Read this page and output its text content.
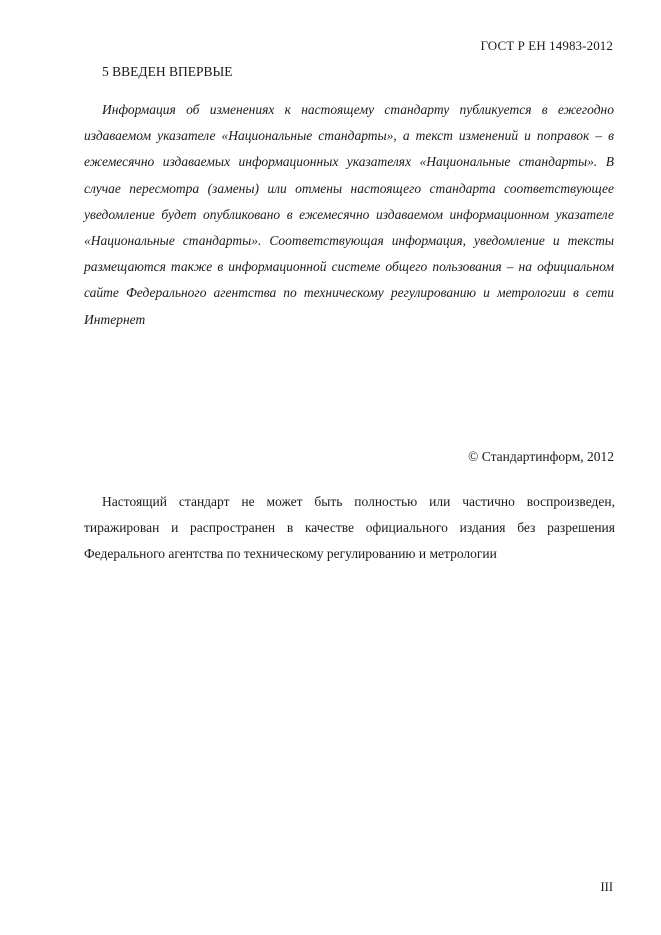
ГОСТ Р ЕН 14983-2012
5 ВВЕДЕН ВПЕРВЫЕ

Информация об изменениях к настоящему стандарту публикуется в ежегодно издаваемом указателе «Национальные стандарты», а текст изменений и поправок – в ежемесячно издаваемых информационных указателях «Национальные стандарты». В случае пересмотра (замены) или отмены настоящего стандарта соответствующее уведомление будет опубликовано в ежемесячно издаваемом информационном указателе «Национальные стандарты». Соответствующая информация, уведомление и тексты размещаются также в информационной системе общего пользования – на официальном сайте Федерального агентства по техническому регулированию и метрологии в сети Интернет

© Стандартинформ, 2012

Настоящий стандарт не может быть полностью или частично воспроизведен, тиражирован и распространен в качестве официального издания без разрешения Федерального агентства по техническому регулированию и метрологии

III
